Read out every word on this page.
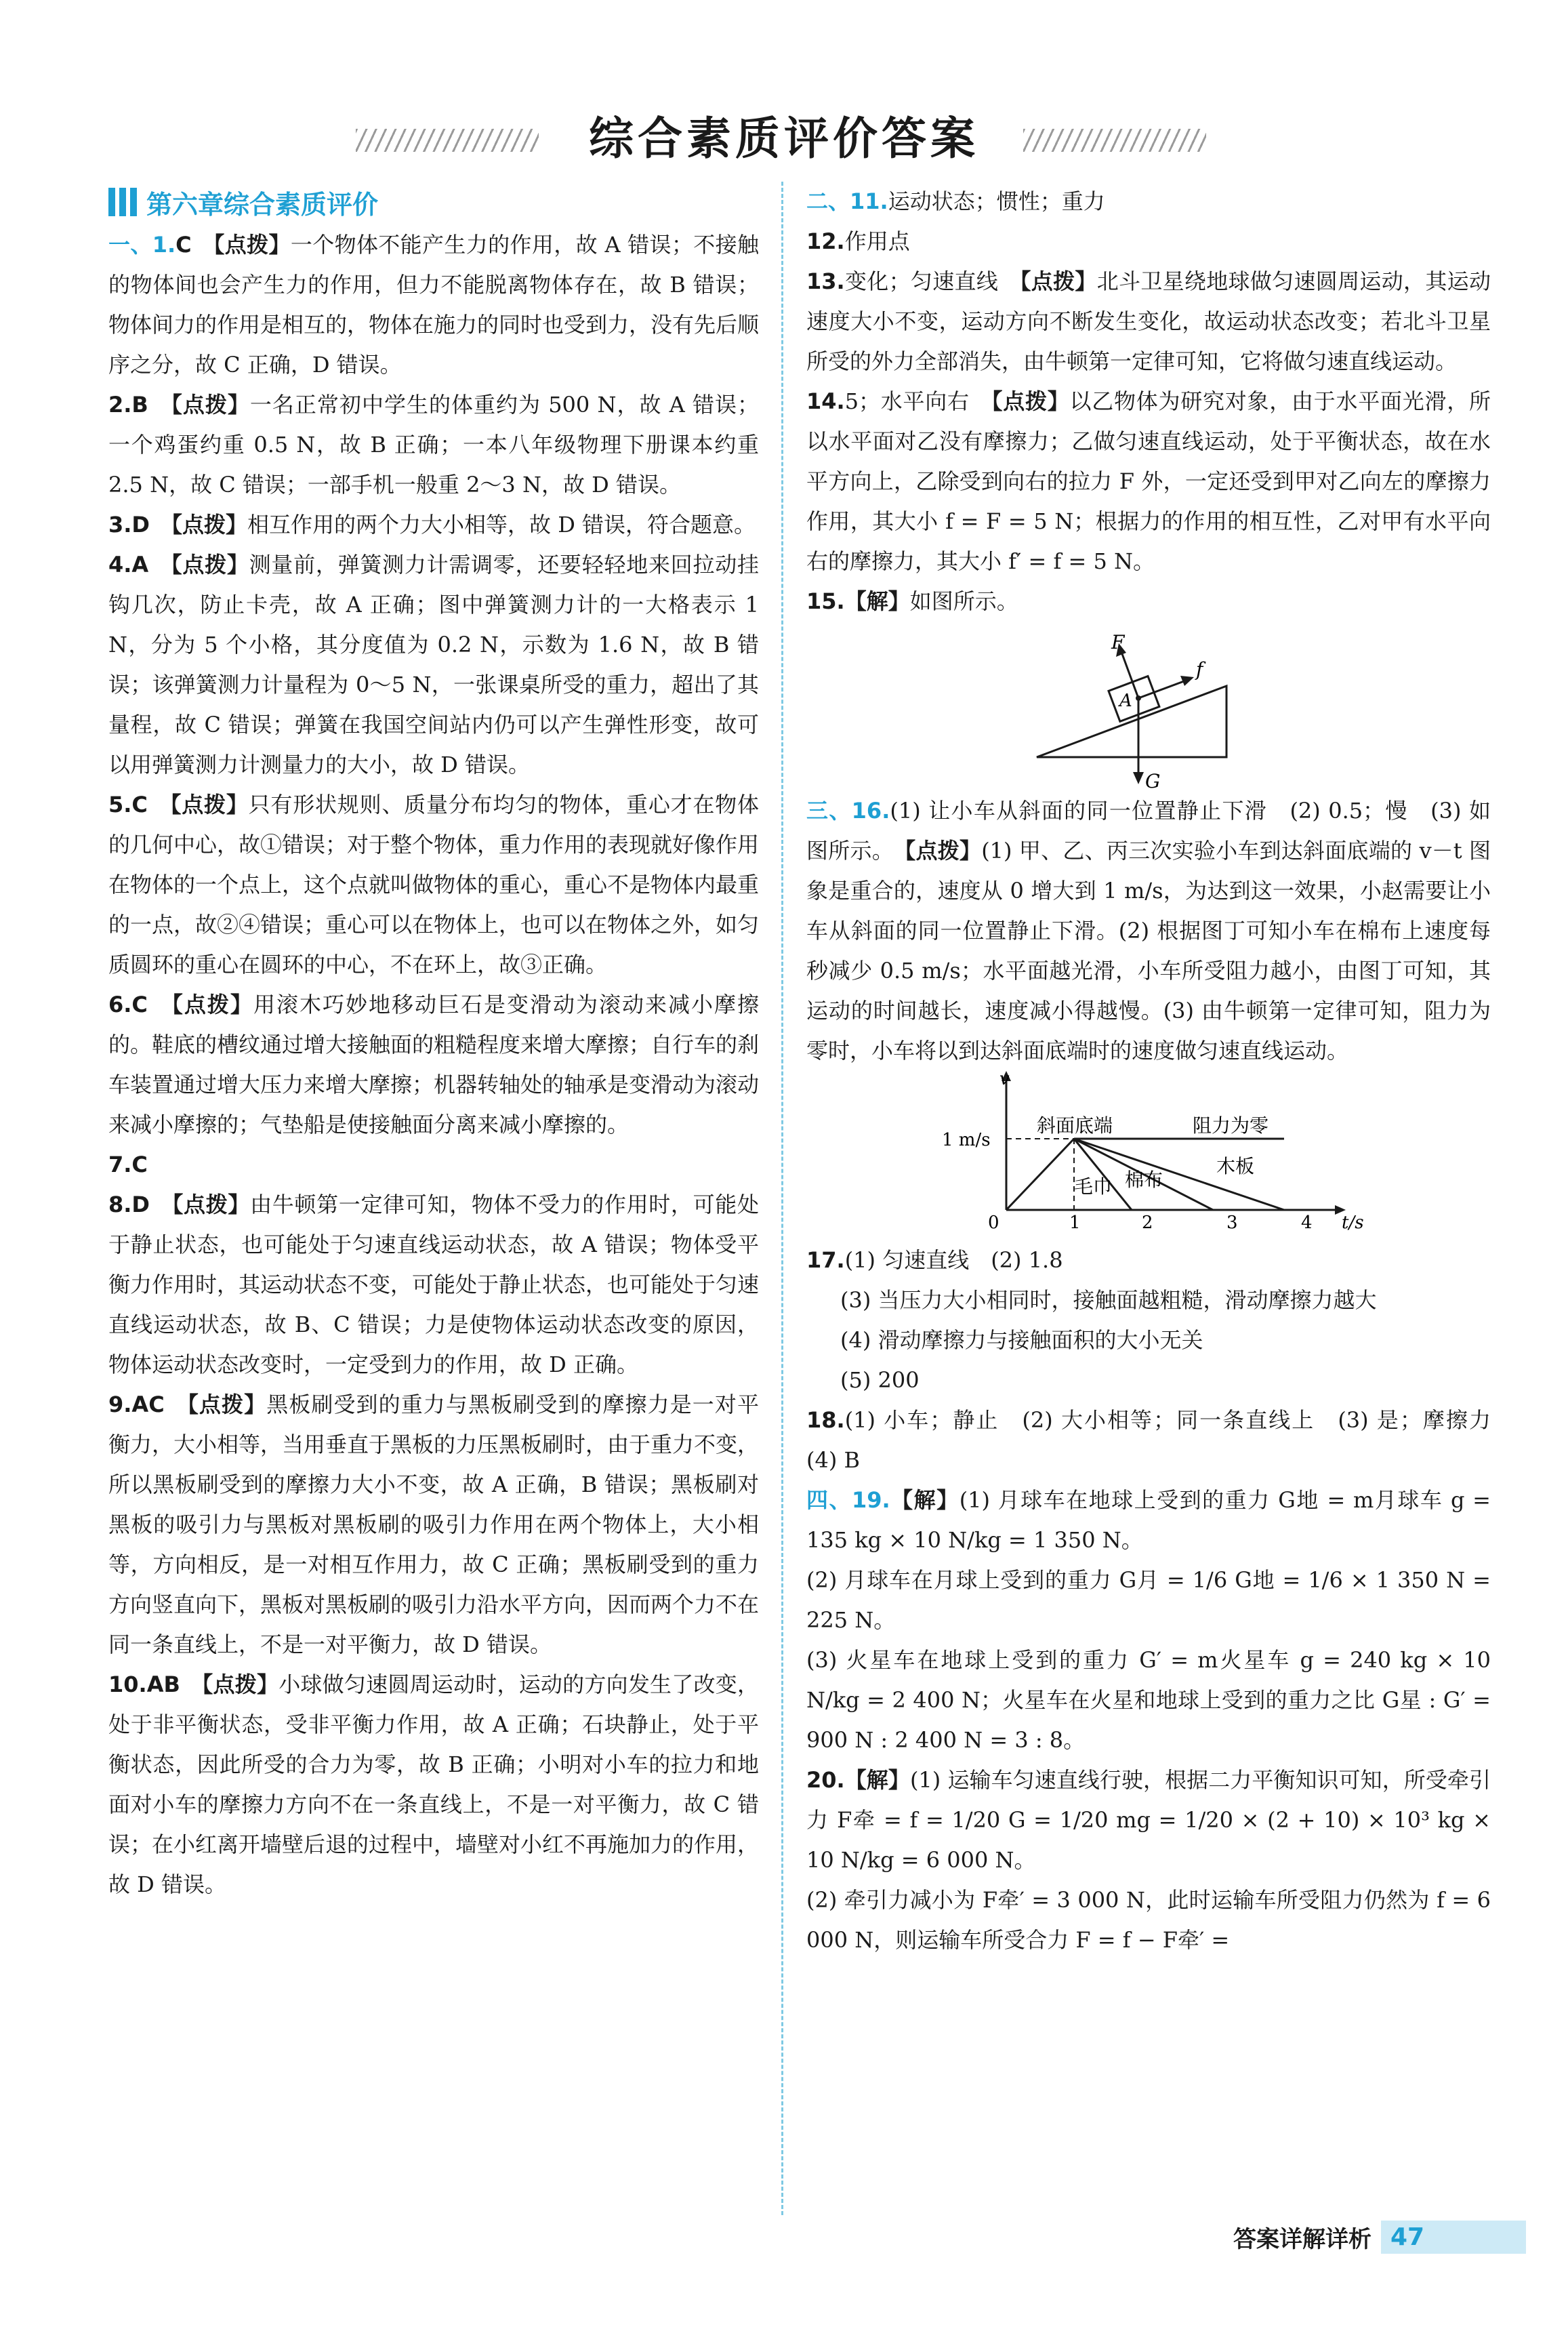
综合素质评价答案
第六章综合素质评价

一、1.C　 【点拨】一个物体不能产生力的作用，故 A 错误；不接触的物体间也会产生力的作用，但力不能脱离物体存在，故 B 错误；物体间力的作用是相互的，物体在施力的同时也受到力，没有先后顺序之分，故 C 正确，D 错误。

2.B　 【点拨】一名正常初中学生的体重约为 500 N，故 A 错误；一个鸡蛋约重 0.5 N，故 B 正确；一本八年级物理下册课本约重 2.5 N，故 C 错误；一部手机一般重 2～3 N，故 D 错误。

3.D　 【点拨】相互作用的两个力大小相等，故 D 错误，符合题意。

4.A　 【点拨】测量前，弹簧测力计需调零，还要轻轻地来回拉动挂钩几次，防止卡壳，故 A 正确；图中弹簧测力计的一大格表示 1 N，分为 5 个小格，其分度值为 0.2 N，示数为 1.6 N，故 B 错误；该弹簧测力计量程为 0～5 N，一张课桌所受的重力，超出了其量程，故 C 错误；弹簧在我国空间站内仍可以产生弹性形变，故可以用弹簧测力计测量力的大小，故 D 错误。

5.C　 【点拨】只有形状规则、质量分布均匀的物体，重心才在物体的几何中心，故①错误；对于整个物体，重力作用的表现就好像作用在物体的一个点上，这个点就叫做物体的重心，重心不是物体内最重的一点，故②④错误；重心可以在物体上，也可以在物体之外，如匀质圆环的重心在圆环的中心，不在环上，故③正确。

6.C　 【点拨】用滚木巧妙地移动巨石是变滑动为滚动来减小摩擦的。鞋底的槽纹通过增大接触面的粗糙程度来增大摩擦；自行车的刹车装置通过增大压力来增大摩擦；机器转轴处的轴承是变滑动为滚动来减小摩擦的；气垫船是使接触面分离来减小摩擦的。

7.C　

8.D　 【点拨】由牛顿第一定律可知，物体不受力的作用时，可能处于静止状态，也可能处于匀速直线运动状态，故 A 错误；物体受平衡力作用时，其运动状态不变，可能处于静止状态，也可能处于匀速直线运动状态，故 B、C 错误；力是使物体运动状态改变的原因，物体运动状态改变时，一定受到力的作用，故 D 正确。

9.AC　 【点拨】黑板刷受到的重力与黑板刷受到的摩擦力是一对平衡力，大小相等，当用垂直于黑板的力压黑板刷时，由于重力不变，所以黑板刷受到的摩擦力大小不变，故 A 正确，B 错误；黑板刷对黑板的吸引力与黑板对黑板刷的吸引力作用在两个物体上，大小相等，方向相反，是一对相互作用力，故 C 正确；黑板刷受到的重力方向竖直向下，黑板对黑板刷的吸引力沿水平方向，因而两个力不在同一条直线上，不是一对平衡力，故 D 错误。

10.AB　 【点拨】小球做匀速圆周运动时，运动的方向发生了改变，处于非平衡状态，受非平衡力作用，故 A 正确；石块静止，处于平衡状态，因此所受的合力为零，故 B 正确；小明对小车的拉力和地面对小车的摩擦力方向不在一条直线上，不是一对平衡力，故 C 错误；在小红离开墙壁后退的过程中，墙壁对小红不再施加力的作用，故 D 错误。

二、11.运动状态；惯性；重力

12.作用点

13.变化；匀速直线　 【点拨】北斗卫星绕地球做匀速圆周运动，其运动速度大小不变，运动方向不断发生变化，故运动状态改变；若北斗卫星所受的外力全部消失，由牛顿第一定律可知，它将做匀速直线运动。

14.5；水平向右　 【点拨】以乙物体为研究对象，由于水平面光滑，所以水平面对乙没有摩擦力；乙做匀速直线运动，处于平衡状态，故在水平方向上，乙除受到向右的拉力 F 外，一定还受到甲对乙向左的摩擦力作用，其大小 f = F = 5 N；根据力的作用的相互性，乙对甲有水平向右的摩擦力，其大小 f′ = f = 5 N。

15.【解】如图所示。

F
f
A
G

三、16.(1) 让小车从斜面的同一位置静止下滑　(2) 0.5；慢　(3) 如图所示。　 【点拨】(1) 甲、乙、丙三次实验小车到达斜面底端的 v－t 图象是重合的，速度从 0 增大到 1 m/s，为达到这一效果，小赵需要让小车从斜面的同一位置静止下滑。(2) 根据图丁可知小车在棉布上速度每秒减少 0.5 m/s；水平面越光滑，小车所受阻力越小，由图丁可知，其运动的时间越长，速度减小得越慢。(3) 由牛顿第一定律可知，阻力为零时，小车将以到达斜面底端时的速度做匀速直线运动。

v
t/s
1 m/s
0	1	2	3	4
斜面底端	阻力为零
木板
毛巾 棉布

17.(1) 匀速直线　(2) 1.8

(3) 当压力大小相同时，接触面越粗糙，滑动摩擦力越大

(4) 滑动摩擦力与接触面积的大小无关

(5) 200

18.(1) 小车；静止　(2) 大小相等；同一条直线上　(3) 是；摩擦力　(4) B

四、19.【解】(1) 月球车在地球上受到的重力 G地 = m月球车 g = 135 kg × 10 N/kg = 1 350 N。

(2) 月球车在月球上受到的重力 G月 = 1/6 G地 = 1/6 × 1 350 N = 225 N。

(3) 火星车在地球上受到的重力 G′ = m火星车 g = 240 kg × 10 N/kg = 2 400 N；火星车在火星和地球上受到的重力之比 G星 : G′ = 900 N : 2 400 N = 3 : 8。

20.【解】(1) 运输车匀速直线行驶，根据二力平衡知识可知，所受牵引力 F牵 = f = 1/20 G = 1/20 mg = 1/20 × (2 + 10) × 10³ kg × 10 N/kg = 6 000 N。

(2) 牵引力减小为 F牵′ = 3 000 N，此时运输车所受阻力仍然为 f = 6 000 N，则运输车所受合力 F = f − F牵′ =

答案详解详析 47
